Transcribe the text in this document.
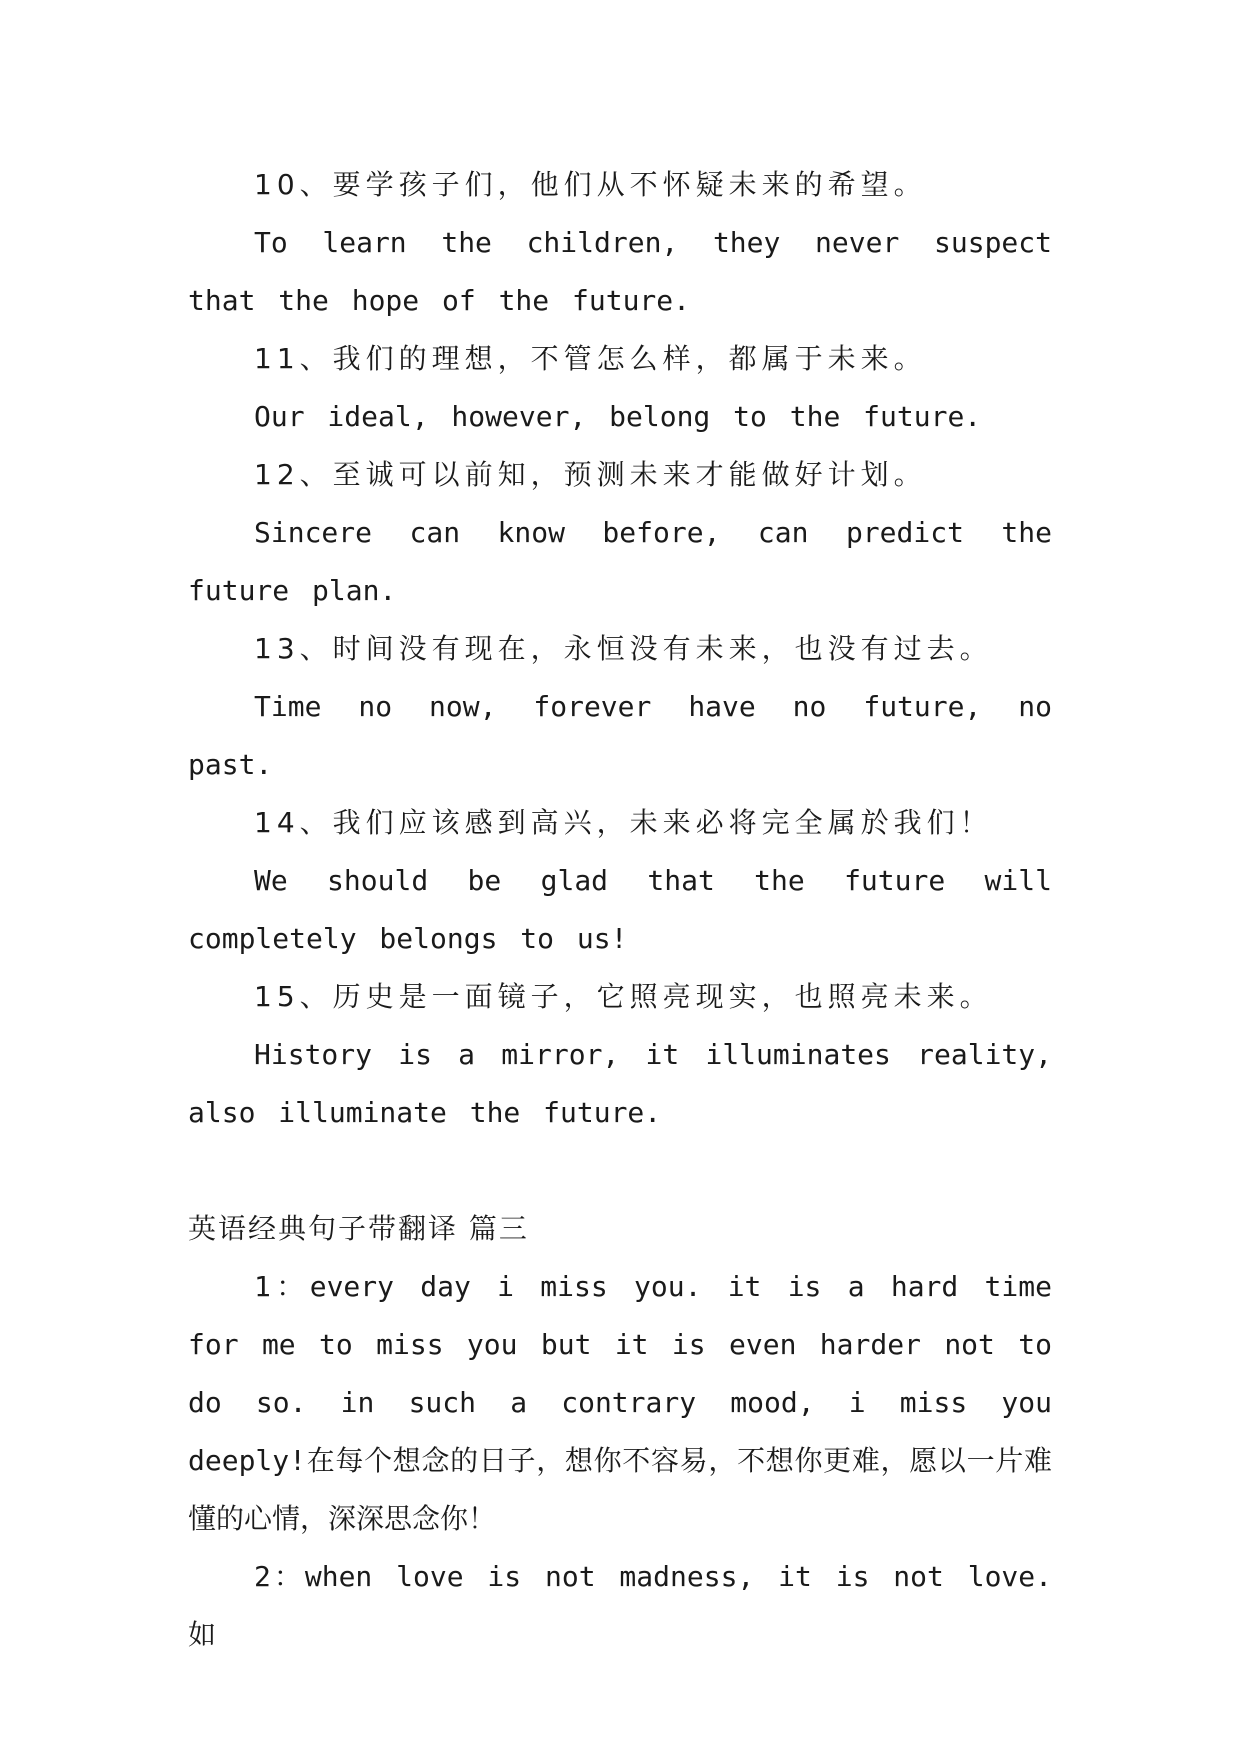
10、要学孩子们，他们从不怀疑未来的希望。

To learn the children, they never suspect that the hope of the future.

11、我们的理想，不管怎么样，都属于未来。

Our ideal, however, belong to the future.

12、至诚可以前知，预测未来才能做好计划。

Sincere can know before, can predict the future plan.

13、时间没有现在，永恒没有未来，也没有过去。

Time no now, forever have no future, no past.

14、我们应该感到高兴，未来必将完全属於我们！

We should be glad that the future will completely belongs to us!

15、历史是一面镜子，它照亮现实，也照亮未来。

History is a mirror, it illuminates reality, also illuminate the future.

英语经典句子带翻译 篇三

1：every day i miss you. it is a hard time for me to miss you but it is even harder not to do so. in such a contrary mood, i miss you deeply!在每个想念的日子，想你不容易，不想你更难，愿以一片难懂的心情，深深思念你！

2：when love is not madness, it is not love. 如
